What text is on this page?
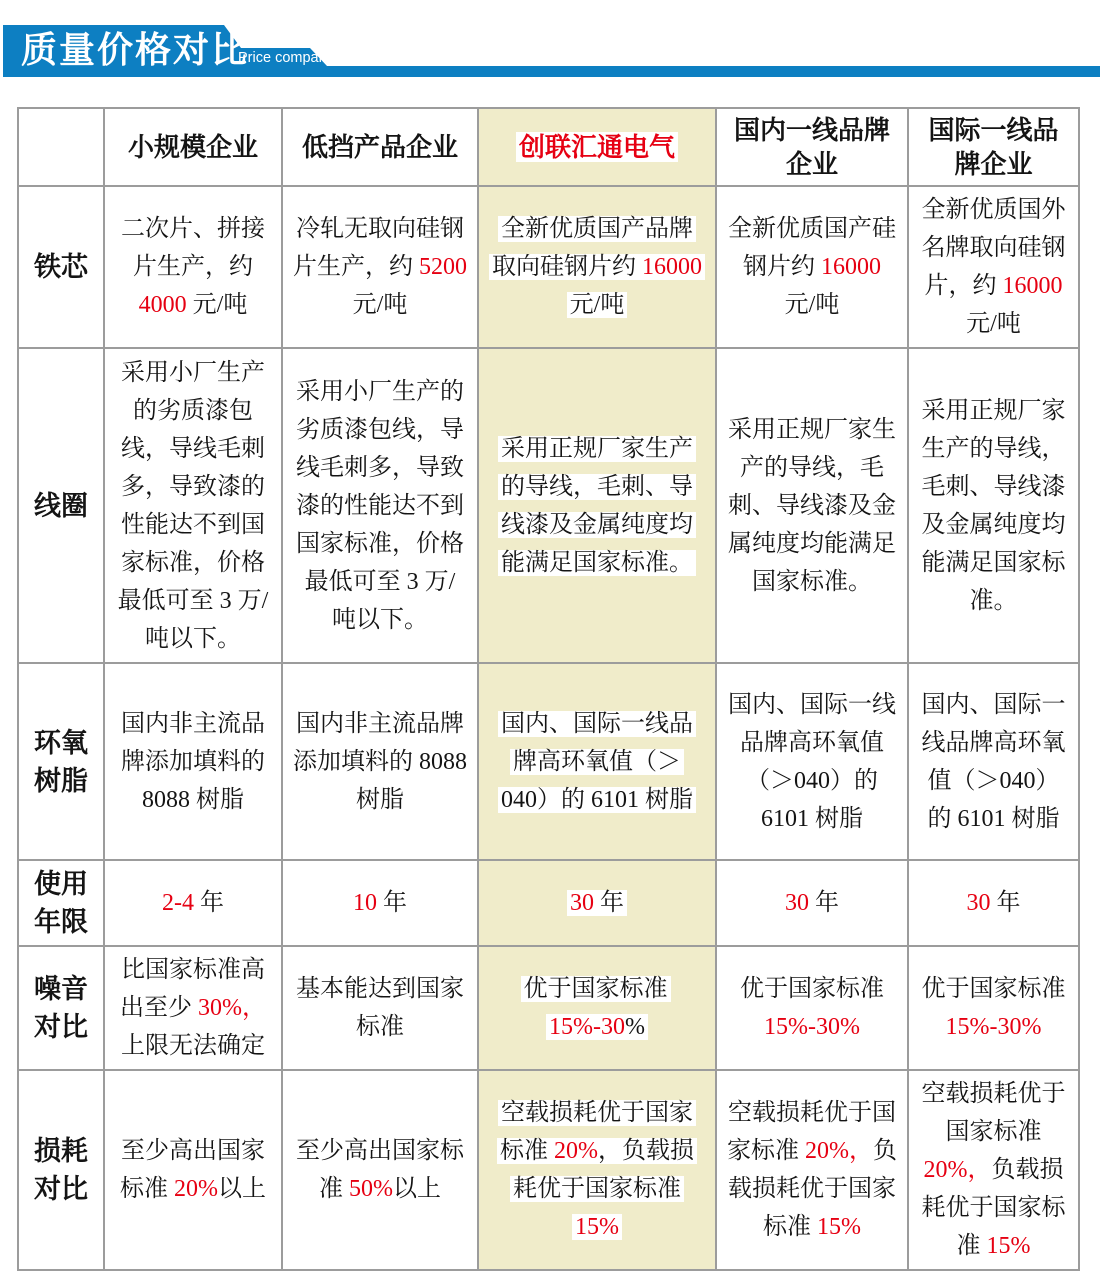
质量价格对比
Price comparison
	小规模企业	低挡产品企业	创联汇通电气	国内一线品牌企业	国际一线品牌企业
铁芯	二次片、拼接片生产，约 4000 元/吨	冷轧无取向硅钢片生产，约 5200 元/吨	全新优质国产品牌取向硅钢片约 16000 元/吨	全新优质国产硅钢片约 16000 元/吨	全新优质国外名牌取向硅钢片，约 16000 元/吨
线圈	采用小厂生产的劣质漆包线，导线毛刺多，导致漆的性能达不到国家标准，价格最低可至 3 万/吨以下。	采用小厂生产的劣质漆包线，导线毛刺多，导致漆的性能达不到国家标准，价格最低可至 3 万/吨以下。	采用正规厂家生产的导线，毛刺、导线漆及金属纯度均能满足国家标准。	采用正规厂家生产的导线，毛刺、导线漆及金属纯度均能满足国家标准。	采用正规厂家生产的导线，毛刺、导线漆及金属纯度均能满足国家标准。
环氧树脂	国内非主流品牌添加填料的 8088 树脂	国内非主流品牌添加填料的 8088 树脂	国内、国际一线品牌高环氧值（＞040）的 6101 树脂	国内、国际一线品牌高环氧值（＞040）的 6101 树脂	国内、国际一线品牌高环氧值（＞040）的 6101 树脂
使用年限	2-4 年	10 年	30 年	30 年	30 年
噪音对比	比国家标准高出至少 30%，上限无法确定	基本能达到国家标准	优于国家标准 15%-30%	优于国家标准 15%-30%	优于国家标准 15%-30%
损耗对比	至少高出国家标准 20%以上	至少高出国家标准 50%以上	空载损耗优于国家标准 20%，负载损耗优于国家标准 15%	空载损耗优于国家标准 20%，负载损耗优于国家标准 15%	空载损耗优于国家标准 20%，负载损耗优于国家标准 15%
